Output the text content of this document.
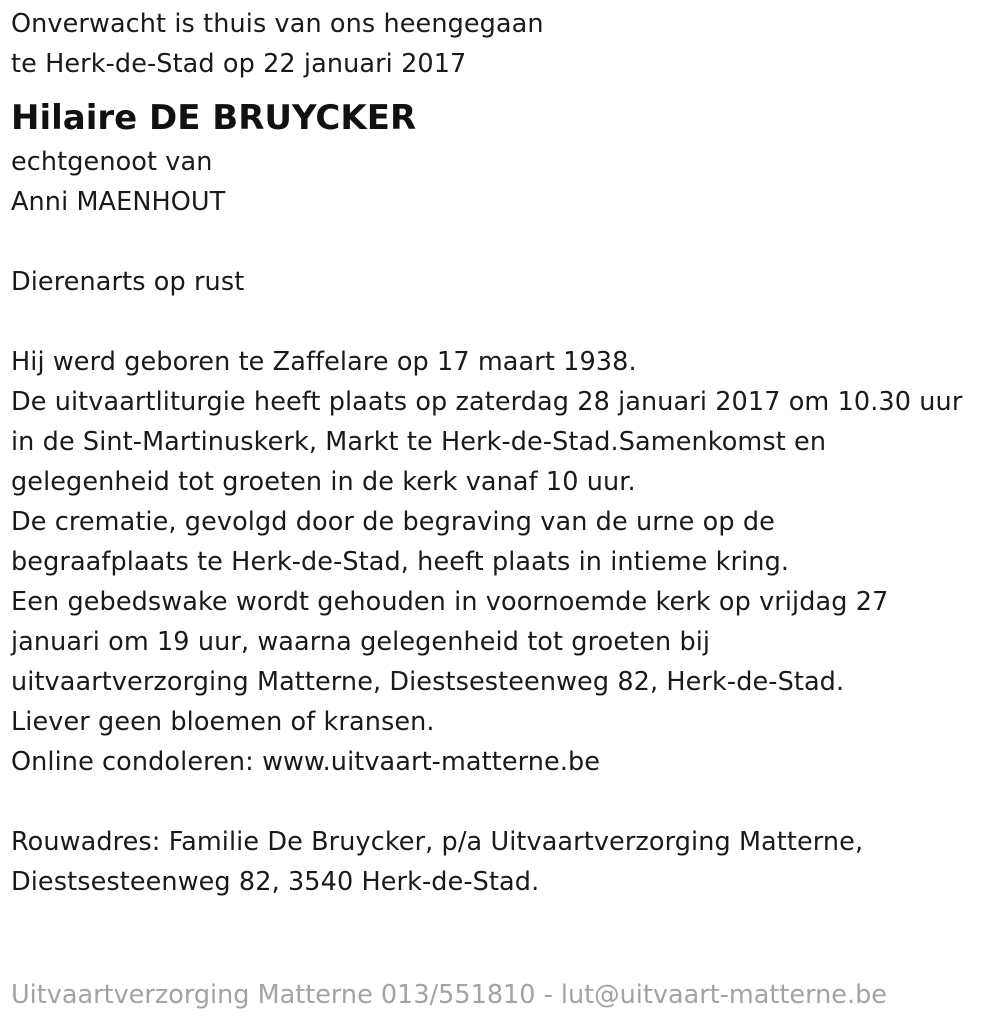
Onverwacht is thuis van ons heengegaan
te Herk-de-Stad op 22 januari 2017
Hilaire DE BRUYCKER
echtgenoot van
Anni MAENHOUT
Dierenarts op rust
Hij werd geboren te Zaffelare op 17 maart 1938.
De uitvaartliturgie heeft plaats op zaterdag 28 januari 2017 om 10.30 uur
in de Sint-Martinuskerk, Markt te Herk-de-Stad.Samenkomst en
gelegenheid tot groeten in de kerk vanaf 10 uur.
De crematie, gevolgd door de begraving van de urne op de
begraafplaats te Herk-de-Stad, heeft plaats in intieme kring.
Een gebedswake wordt gehouden in voornoemde kerk op vrijdag 27
januari om 19 uur, waarna gelegenheid tot groeten bij
uitvaartverzorging Matterne, Diestsesteenweg 82, Herk-de-Stad.
Liever geen bloemen of kransen.
Online condoleren: www.uitvaart-matterne.be
Rouwadres: Familie De Bruycker, p/a Uitvaartverzorging Matterne,
Diestsesteenweg 82, 3540 Herk-de-Stad.
Uitvaartverzorging Matterne 013/551810 - lut@uitvaart-matterne.be
